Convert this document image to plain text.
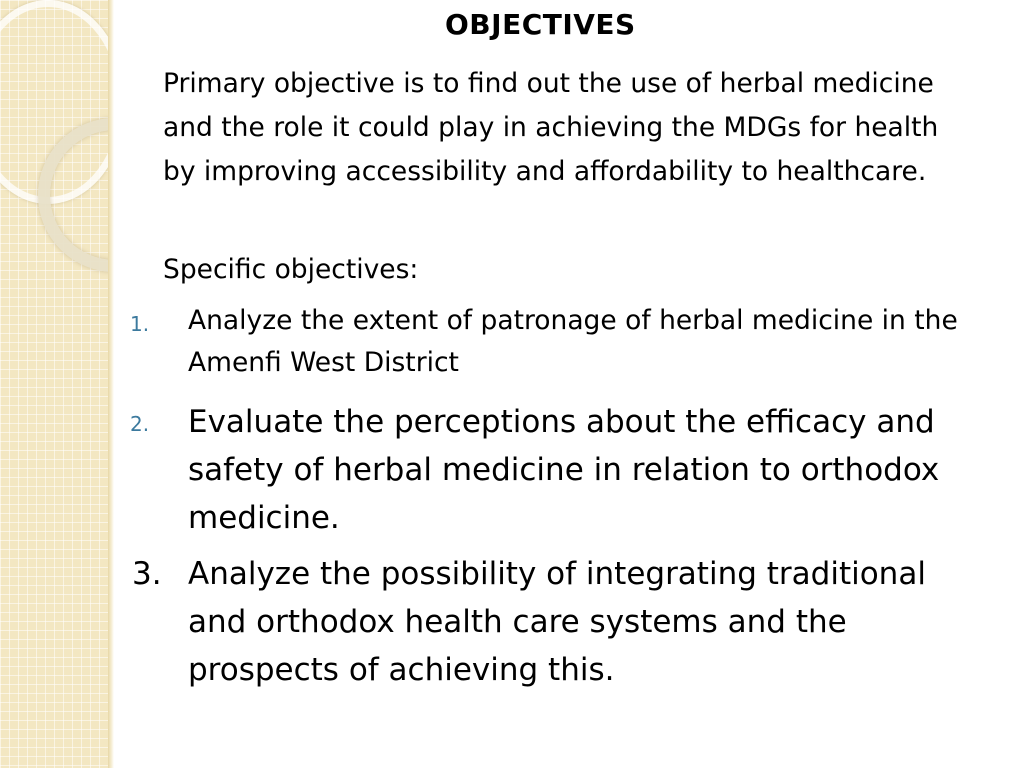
OBJECTIVES

Primary objective is to find out the use of herbal medicine and the role it could play in achieving the MDGs for health by improving accessibility and affordability to healthcare.

Specific objectives:

1. Analyze the extent of patronage of herbal medicine in the Amenfi West District

2. Evaluate the perceptions about the efficacy and safety of herbal medicine in relation to orthodox medicine.

3. Analyze the possibility of integrating traditional and orthodox health care systems and the prospects of achieving this.
